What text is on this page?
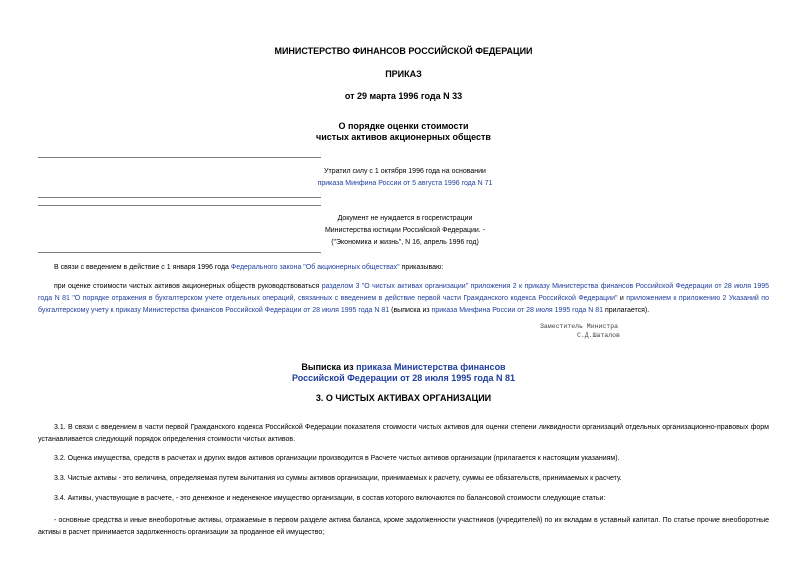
МИНИСТЕРСТВО ФИНАНСОВ РОССИЙСКОЙ ФЕДЕРАЦИИ
ПРИКАЗ
от 29 марта 1996 года N 33
О порядке оценки стоимости
чистых активов акционерных обществ
Утратил силу с 1 октября 1996 года на основании
приказа Минфина России от 5 августа 1996 года N 71
Документ не нуждается в госрегистрации
Министерства юстиции Российской Федерации. -
("Экономика и жизнь", N 16, апрель 1996 год)
В связи с введением в действие с 1 января 1996 года Федерального закона "Об акционерных обществах" приказываю:
при оценке стоимости чистых активов акционерных обществ руководствоваться разделом 3 "О чистых активах организации" приложения 2 к приказу Министерства финансов Российской Федерации от 28 июля 1995 года N 81 "О порядке отражения в бухгалтерском учете отдельных операций, связанных с введением в действие первой части Гражданского кодекса Российской Федерации" и приложением к приложению 2 Указаний по бухгалтерскому учету к приказу Министерства финансов Российской Федерации от 28 июля 1995 года N 81 (выписка из приказа Минфина России от 28 июля 1995 года N 81 прилагается).
Заместитель Министра
С.Д.Шаталов
Выписка из приказа Министерства финансов
Российской Федерации от 28 июля 1995 года N 81
3. О ЧИСТЫХ АКТИВАХ ОРГАНИЗАЦИИ
3.1. В связи с введением в части первой Гражданского кодекса Российской Федерации показателя стоимости чистых активов для оценки степени ликвидности организаций отдельных организационно-правовых форм устанавливается следующий порядок определения стоимости чистых активов.
3.2. Оценка имущества, средств в расчетах и других видов активов организации производится в Расчете чистых активов организации (прилагается к настоящим указаниям).
3.3. Чистые активы - это величина, определяемая путем вычитания из суммы активов организации, принимаемых к расчету, суммы ее обязательств, принимаемых к расчету.
3.4. Активы, участвующие в расчете, - это денежное и неденежное имущество организации, в состав которого включаются по балансовой стоимости следующие статьи:
- основные средства и иные внеоборотные активы, отражаемые в первом разделе актива баланса, кроме задолженности участников (учредителей) по их вкладам в уставный капитал. По статье прочие внеоборотные активы в расчет принимается задолженность организации за проданное ей имущество;
